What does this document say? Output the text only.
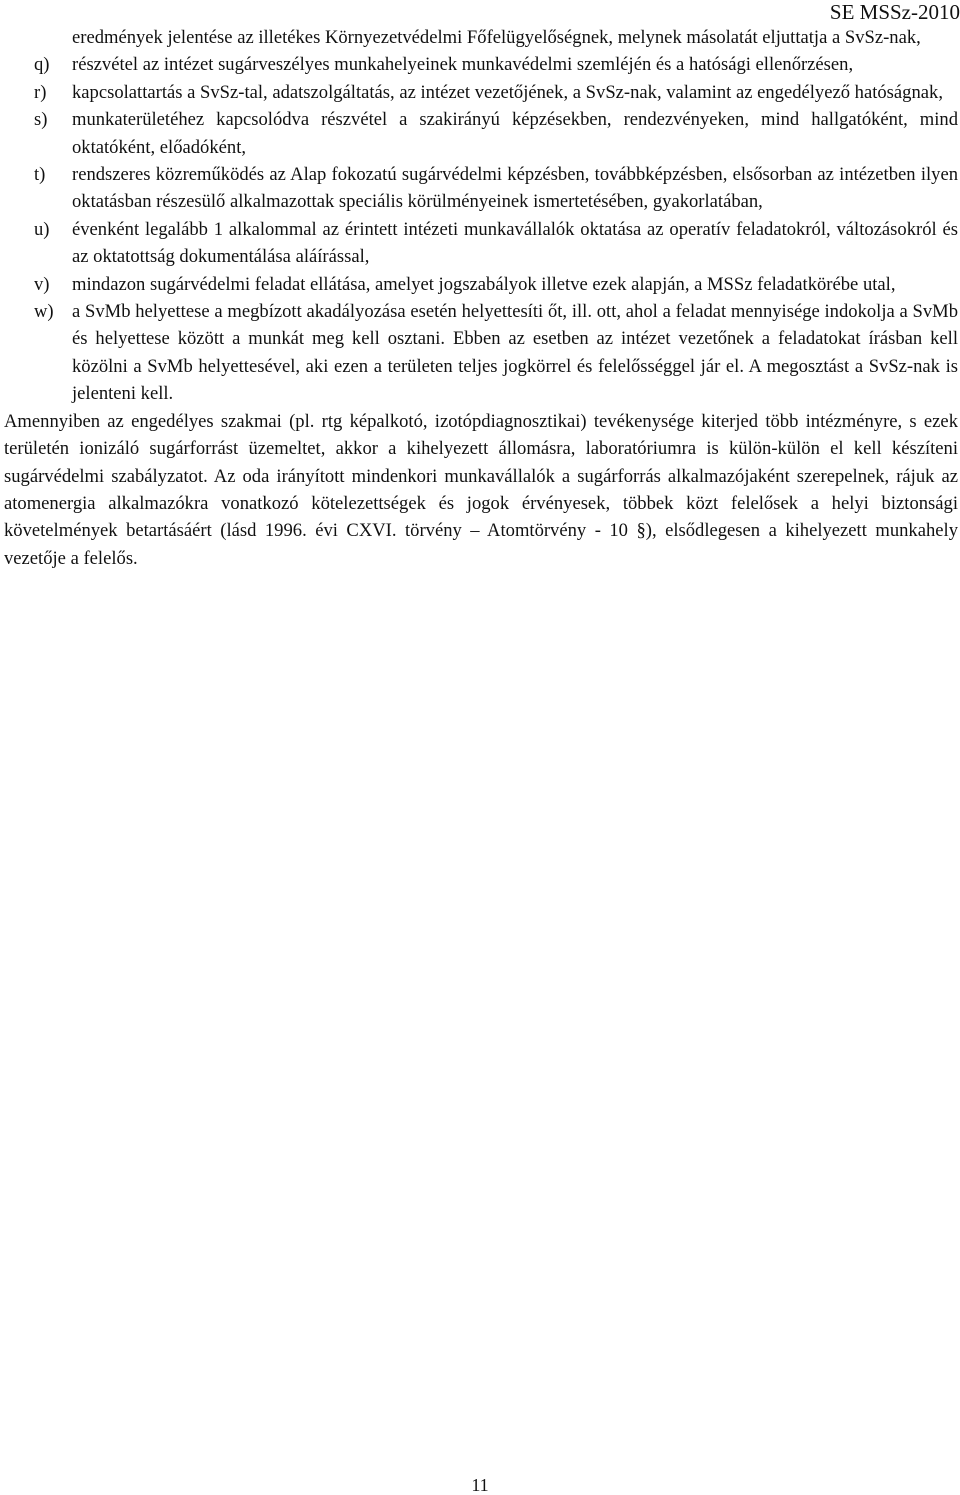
SE MSSz-2010
eredmények jelentése az illetékes Környezetvédelmi Főfelügyelőségnek, melynek másolatát eljuttatja a SvSz-nak,
q)	részvétel az intézet sugárveszélyes munkahelyeinek munkavédelmi szemléjén és a hatósági ellenőrzésen,
r)	kapcsolattartás a SvSz-tal, adatszolgáltatás, az intézet vezetőjének, a SvSz-nak, valamint az engedélyező hatóságnak,
s)	munkaterületéhez kapcsolódva részvétel a szakirányú képzésekben, rendezvényeken, mind hallgatóként, mind oktatóként, előadóként,
t)	rendszeres közreműködés az Alap fokozatú sugárvédelmi képzésben, továbbképzésben, elsősorban az intézetben ilyen oktatásban részesülő alkalmazottak speciális körülményeinek ismertetésében, gyakorlatában,
u)	évenként legalább 1 alkalommal az érintett intézeti munkavállalók oktatása az operatív feladatokról, változásokról és az oktatottság dokumentálása aláírással,
v)	mindazon sugárvédelmi feladat ellátása, amelyet jogszabályok illetve ezek alapján, a MSSz feladatkörébe utal,
w) a SvMb helyettese a megbízott akadályozása esetén helyettesíti őt, ill. ott, ahol a feladat mennyisége indokolja a SvMb és helyettese között a munkát meg kell osztani. Ebben az esetben az intézet vezetőnek a feladatokat írásban kell közölni a SvMb helyettesével, aki ezen a területen teljes jogkörrel és felelősséggel jár el. A megosztást a SvSz-nak is jelenteni kell.

Amennyiben az engedélyes szakmai (pl. rtg képalkotó, izotópdiagnosztikai) tevékenysége kiterjed több intézményre, s ezek területén ionizáló sugárforrást üzemeltet, akkor a kihelyezett állomásra, laboratóriumra is külön-külön el kell készíteni sugárvédelmi szabályzatot. Az oda irányított mindenkori munkavállalók a sugárforrás alkalmazójaként szerepelnek, rájuk az atomenergia alkalmazókra vonatkozó kötelezettségek és jogok érvényesek, többek közt felelősek a helyi biztonsági követelmények betartásáért (lásd 1996. évi CXVI. törvény – Atomtörvény - 10 §), elsődlegesen a kihelyezett munkahely vezetője a felelős.

11
